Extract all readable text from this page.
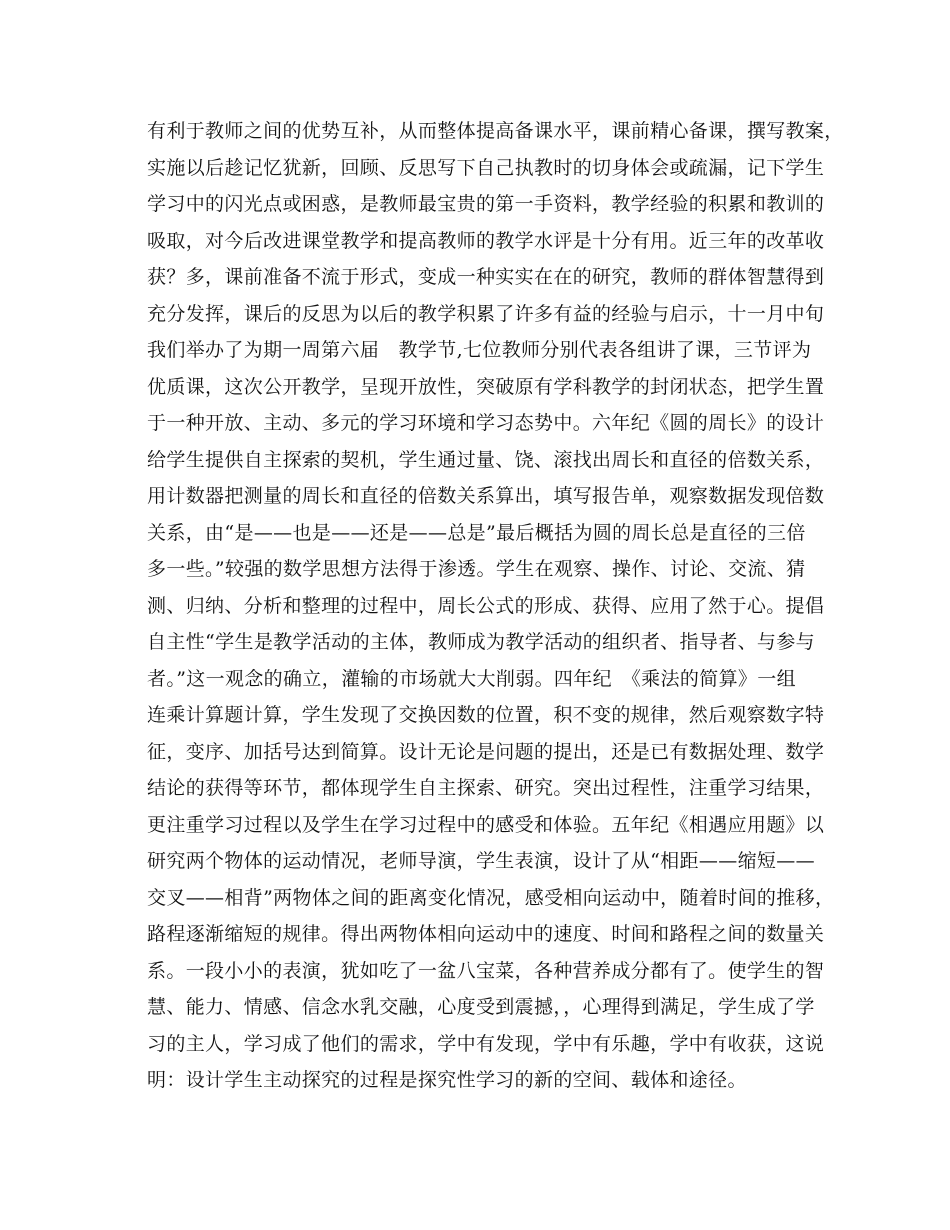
有利于教师之间的优势互补，从而整体提高备课水平，课前精心备课，撰写教案，
实施以后趁记忆犹新，回顾、反思写下自己执教时的切身体会或疏漏，记下学生
学习中的闪光点或困惑，是教师最宝贵的第一手资料，教学经验的积累和教训的
吸取，对今后改进课堂教学和提高教师的教学水评是十分有用。近三年的改革收
获？多，课前准备不流于形式，变成一种实实在在的研究，教师的群体智慧得到
充分发挥，课后的反思为以后的教学积累了许多有益的经验与启示，十一月中旬
我们举办了为期一周第六届　教学节,七位教师分别代表各组讲了课，三节评为
优质课，这次公开教学，呈现开放性，突破原有学科教学的封闭状态，把学生置
于一种开放、主动、多元的学习环境和学习态势中。六年纪《圆的周长》的设计
给学生提供自主探索的契机，学生通过量、饶、滚找出周长和直径的倍数关系，
用计数器把测量的周长和直径的倍数关系算出，填写报告单，观察数据发现倍数
关系，由“是——也是——还是——总是”最后概括为圆的周长总是直径的三倍
多一些。”较强的数学思想方法得于渗透。学生在观察、操作、讨论、交流、猜
测、归纳、分析和整理的过程中，周长公式的形成、获得、应用了然于心。提倡
自主性“学生是教学活动的主体，教师成为教学活动的组织者、指导者、与参与
者。”这一观念的确立，灌输的市场就大大削弱。四年纪　《乘法的简算》一组
连乘计算题计算，学生发现了交换因数的位置，积不变的规律，然后观察数字特
征，变序、加括号达到简算。设计无论是问题的提出，还是已有数据处理、数学
结论的获得等环节，都体现学生自主探索、研究。突出过程性，注重学习结果，
更注重学习过程以及学生在学习过程中的感受和体验。五年纪《相遇应用题》以
研究两个物体的运动情况，老师导演，学生表演，设计了从“相距——缩短——
交叉——相背”两物体之间的距离变化情况，感受相向运动中，随着时间的推移，
路程逐渐缩短的规律。得出两物体相向运动中的速度、时间和路程之间的数量关
系。一段小小的表演，犹如吃了一盆八宝菜，各种营养成分都有了。使学生的智
慧、能力、情感、信念水乳交融，心度受到震撼，，心理得到满足，学生成了学
习的主人，学习成了他们的需求，学中有发现，学中有乐趣，学中有收获，这说
明：设计学生主动探究的过程是探究性学习的新的空间、载体和途径。
